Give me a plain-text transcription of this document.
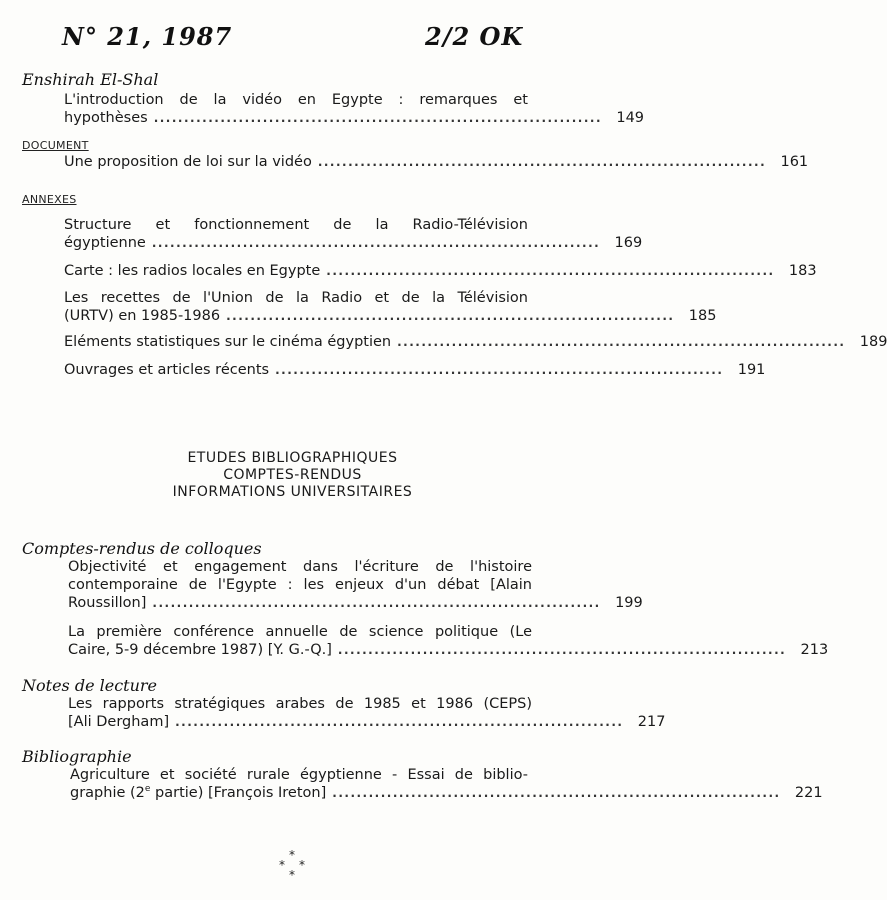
N° 21, 1987	2/2 OK
Enshirah El-Shal
L'introduction de la vidéo en Egypte : remarques et
hypothèses .......................................................................... 149
DOCUMENT
Une proposition de loi sur la vidéo .......................................................................... 161
ANNEXES
Structure et fonctionnement de la Radio-Télévision
égyptienne .......................................................................... 169
Carte : les radios locales en Egypte .......................................................................... 183
Les recettes de l'Union de la Radio et de la Télévision
(URTV) en 1985-1986 .......................................................................... 185
Eléments statistiques sur le cinéma égyptien .......................................................................... 189
Ouvrages et articles récents .......................................................................... 191
ETUDES BIBLIOGRAPHIQUES
COMPTES-RENDUS
INFORMATIONS UNIVERSITAIRES
Comptes-rendus de colloques
Objectivité et engagement dans l'écriture de l'histoire
contemporaine de l'Egypte : les enjeux d'un débat [Alain
Roussillon] .......................................................................... 199
La première conférence annuelle de science politique (Le
Caire, 5-9 décembre 1987) [Y. G.-Q.] .......................................................................... 213
Notes de lecture
Les rapports stratégiques arabes de 1985 et 1986 (CEPS)
[Ali Dergham] .......................................................................... 217
Bibliographie
Agriculture et société rurale égyptienne - Essai de biblio-
graphie (2e partie) [François Ireton] .......................................................................... 221
*
* *
*
